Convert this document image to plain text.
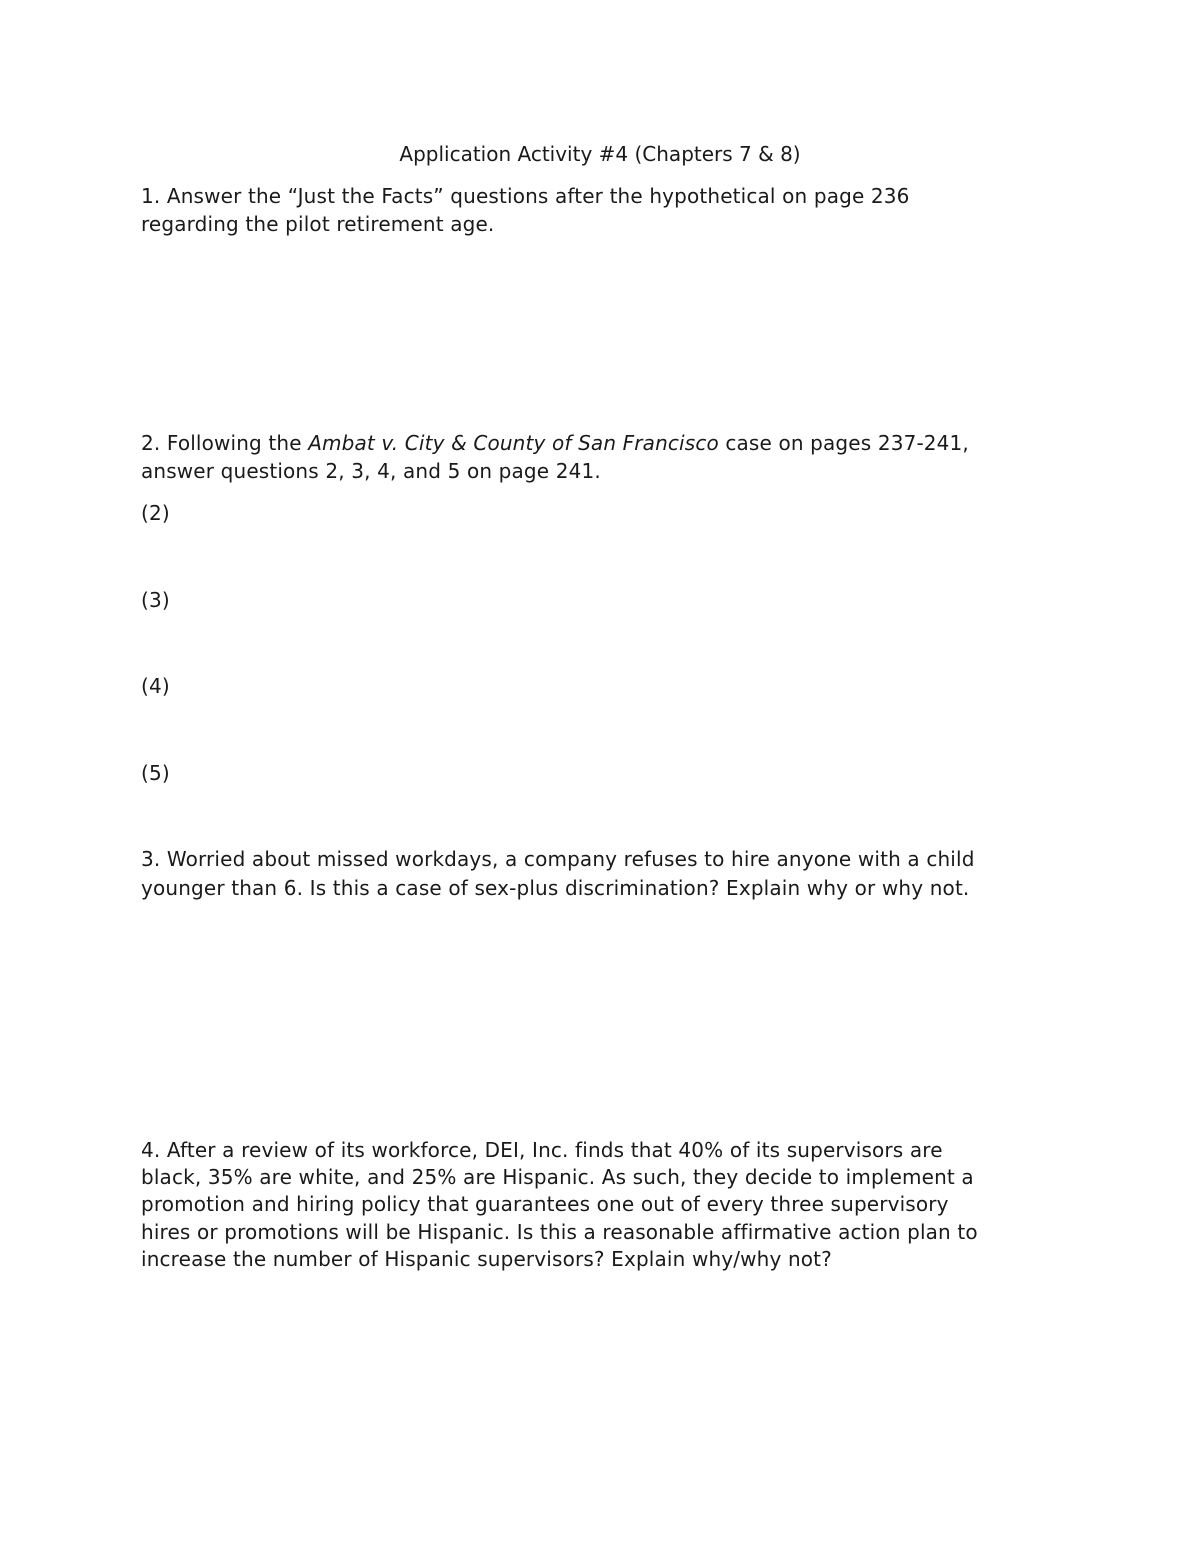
Application Activity #4 (Chapters 7 & 8)
1. Answer the “Just the Facts” questions after the hypothetical on page 236
regarding the pilot retirement age.
2. Following the Ambat v. City & County of San Francisco case on pages 237-241,
answer questions 2, 3, 4, and 5 on page 241.
(2)
(3)
(4)
(5)
3. Worried about missed workdays, a company refuses to hire anyone with a child
younger than 6. Is this a case of sex-plus discrimination? Explain why or why not.
4. After a review of its workforce, DEI, Inc. finds that 40% of its supervisors are
black, 35% are white, and 25% are Hispanic. As such, they decide to implement a
promotion and hiring policy that guarantees one out of every three supervisory
hires or promotions will be Hispanic. Is this a reasonable affirmative action plan to
increase the number of Hispanic supervisors? Explain why/why not?
